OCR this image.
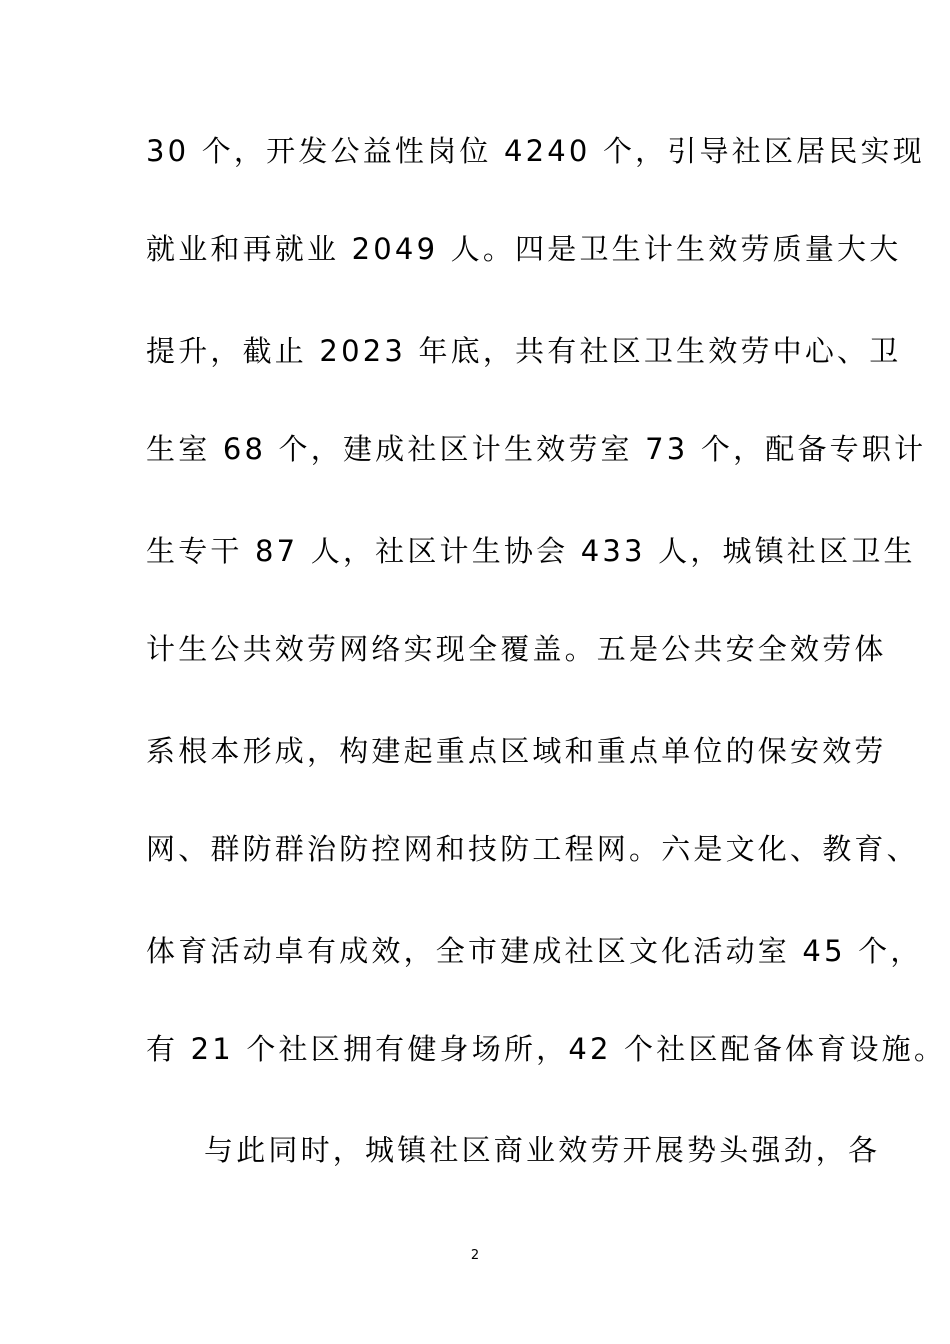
30 个，开发公益性岗位 4240 个，引导社区居民实现
就业和再就业 2049 人。四是卫生计生效劳质量大大
提升，截止 2023 年底，共有社区卫生效劳中心、卫
生室 68 个，建成社区计生效劳室 73 个，配备专职计
生专干 87 人，社区计生协会 433 人，城镇社区卫生
计生公共效劳网络实现全覆盖。五是公共安全效劳体
系根本形成，构建起重点区域和重点单位的保安效劳
网、群防群治防控网和技防工程网。六是文化、教育、
体育活动卓有成效，全市建成社区文化活动室 45 个，
有 21 个社区拥有健身场所，42 个社区配备体育设施。
与此同时，城镇社区商业效劳开展势头强劲，各
2
